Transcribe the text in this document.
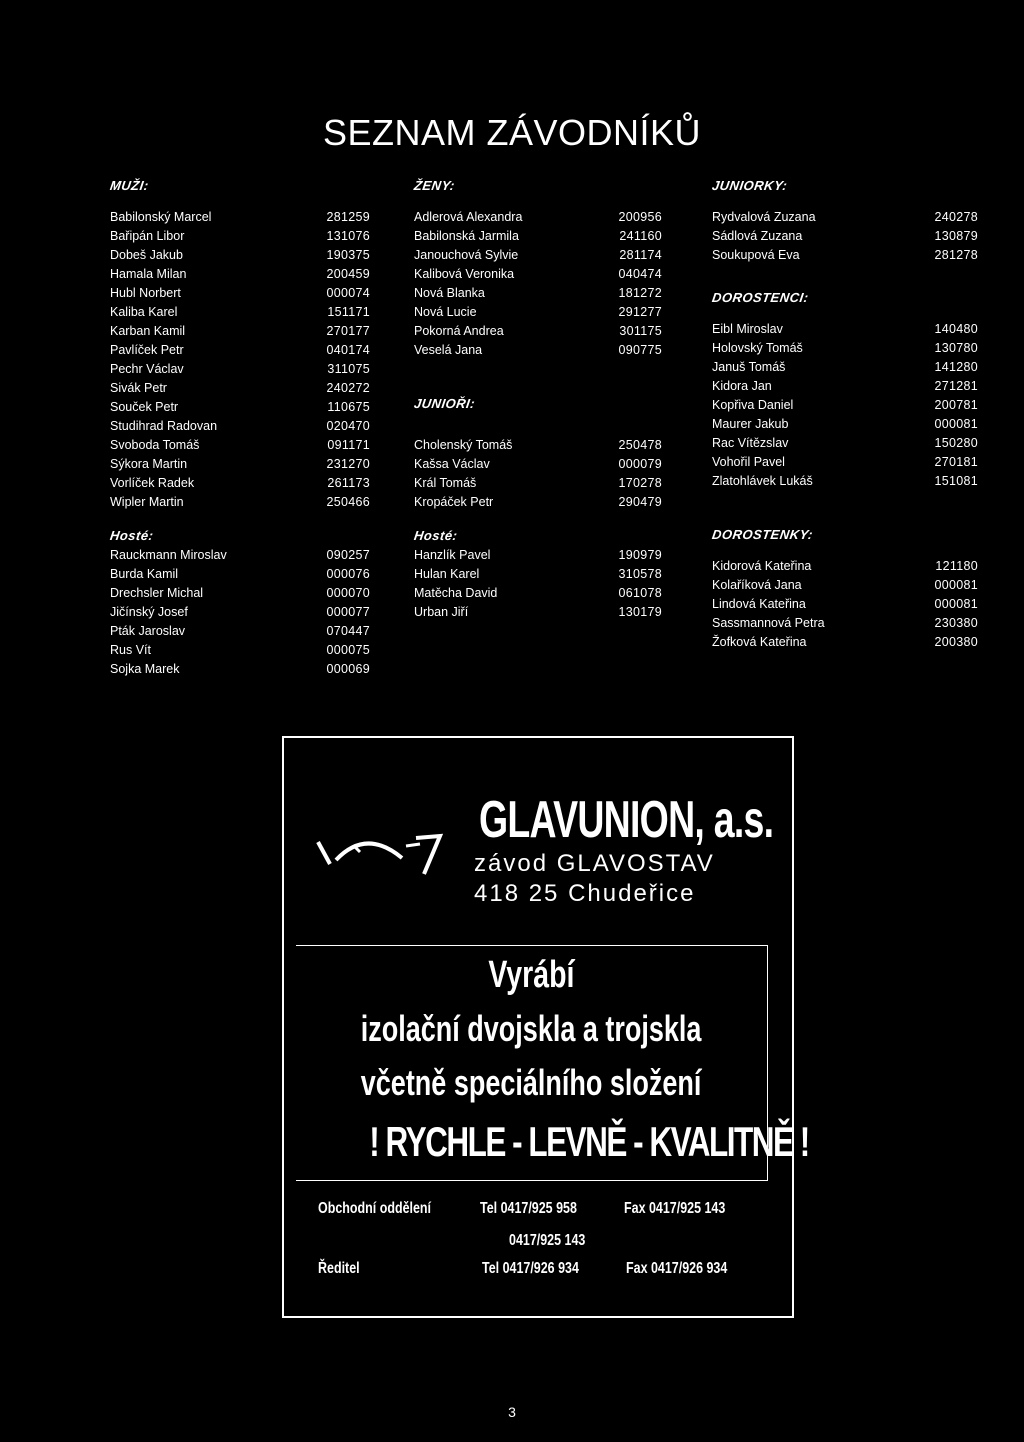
SEZNAM ZÁVODNÍKŮ
MUŽI:
Babilonský Marcel	281259
Bařipán Libor	131076
Dobeš Jakub	190375
Hamala Milan	200459
Hubl Norbert	000074
Kaliba Karel	151171
Karban Kamil	270177
Pavlíček Petr	040174
Pechr Václav	311075
Sivák Petr	240272
Souček Petr	110675
Studihrad Radovan	020470
Svoboda Tomáš	091171
Sýkora Martin	231270
Vorlíček Radek	261173
Wipler Martin	250466
Hosté:
Rauckmann Miroslav	090257
Burda Kamil	000076
Drechsler Michal	000070
Jičínský Josef	000077
Pták Jaroslav	070447
Rus Vít	000075
Sojka Marek	000069
ŽENY:
Adlerová Alexandra	200956
Babilonská Jarmila	241160
Janouchová Sylvie	281174
Kalibová Veronika	040474
Nová Blanka	181272
Nová Lucie	291277
Pokorná Andrea	301175
Veselá Jana	090775
JUNIOŘI:
Cholenský Tomáš	250478
Kašsa Václav	000079
Král Tomáš	170278
Kropáček Petr	290479
Hosté:
Hanzlík Pavel	190979
Hulan Karel	310578
Matěcha David	061078
Urban Jiří	130179
JUNIORKY:
Rydvalová Zuzana	240278
Sádlová Zuzana	130879
Soukupová Eva	281278
DOROSTENCI:
Eibl Miroslav	140480
Holovský Tomáš	130780
Januš Tomáš	141280
Kidora Jan	271281
Kopřiva Daniel	200781
Maurer Jakub	000081
Rac Vítězslav	150280
Vohořil Pavel	270181
Zlatohlávek Lukáš	151081
DOROSTENKY:
Kidorová Kateřina	121180
Kolaříková Jana	000081
Lindová Kateřina	000081
Sassmannová Petra	230380
Žofková Kateřina	200380
GLAVUNION, a.s.
závod GLAVOSTAV
418 25 Chudeřice
Vyrábí
izolační dvojskla a trojskla
včetně speciálního složení
! RYCHLE - LEVNĚ - KVALITNĚ !
Obchodní oddělení	Tel 0417/925 958	Fax 0417/925 143
0417/925 143
Ředitel	Tel 0417/926 934	Fax 0417/926 934
3
